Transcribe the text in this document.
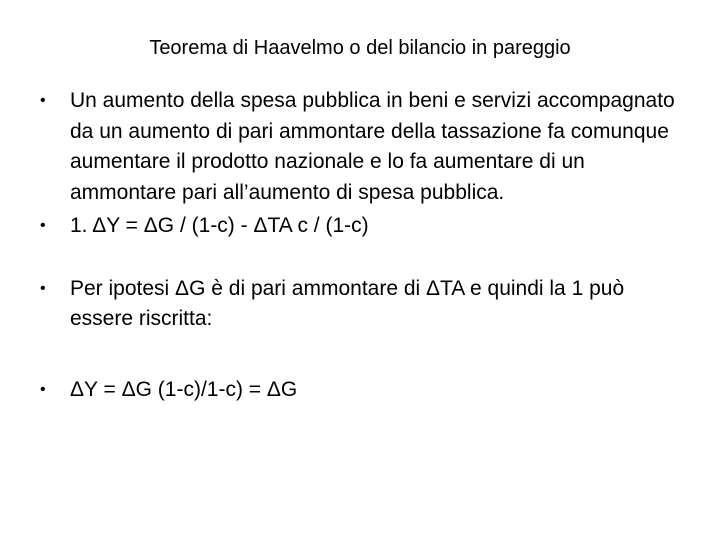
Teorema di Haavelmo o del bilancio in pareggio
• Un aumento della spesa pubblica in beni e servizi accompagnato da un aumento di pari ammontare della tassazione fa comunque aumentare il prodotto nazionale e lo fa aumentare di un ammontare pari all’aumento di spesa pubblica.
• 1. ΔY = ΔG / (1-c) - ΔTA c / (1-c)
• Per ipotesi ΔG è di pari ammontare di ΔTA e quindi la 1 può essere riscritta:
• ΔY = ΔG (1-c)/1-c) = ΔG
